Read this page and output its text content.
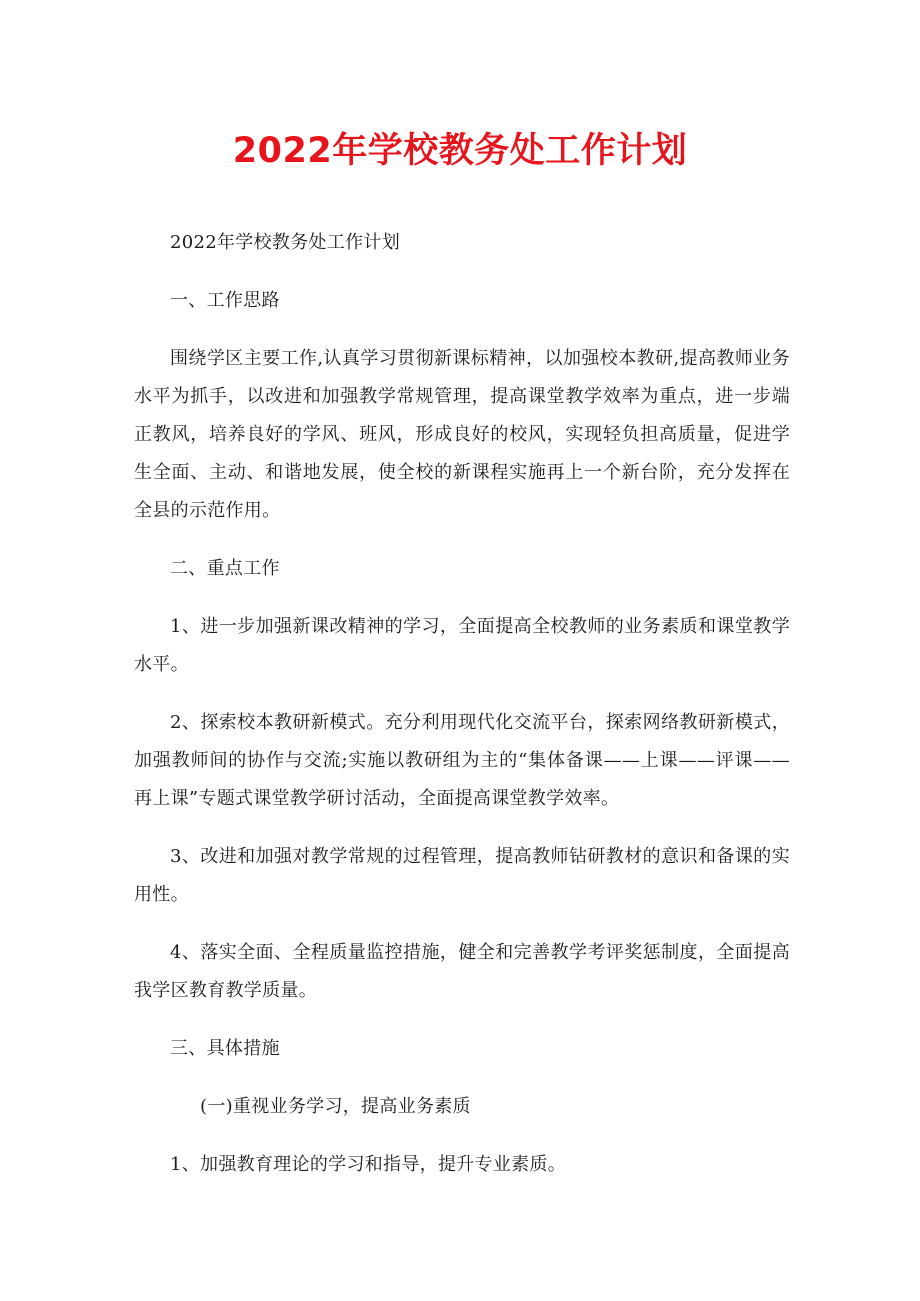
2022年学校教务处工作计划

2022年学校教务处工作计划

一、工作思路

围绕学区主要工作,认真学习贯彻新课标精神，以加强校本教研,提高教师业务水平为抓手，以改进和加强教学常规管理，提高课堂教学效率为重点，进一步端正教风，培养良好的学风、班风，形成良好的校风，实现轻负担高质量，促进学生全面、主动、和谐地发展，使全校的新课程实施再上一个新台阶，充分发挥在全县的示范作用。

二、重点工作

1、进一步加强新课改精神的学习，全面提高全校教师的业务素质和课堂教学水平。

2、探索校本教研新模式。充分利用现代化交流平台，探索网络教研新模式，加强教师间的协作与交流;实施以教研组为主的“集体备课——上课——评课——再上课”专题式课堂教学研讨活动，全面提高课堂教学效率。

3、改进和加强对教学常规的过程管理，提高教师钻研教材的意识和备课的实用性。

4、落实全面、全程质量监控措施，健全和完善教学考评奖惩制度，全面提高我学区教育教学质量。

三、具体措施

(一)重视业务学习，提高业务素质

1、加强教育理论的学习和指导，提升专业素质。
